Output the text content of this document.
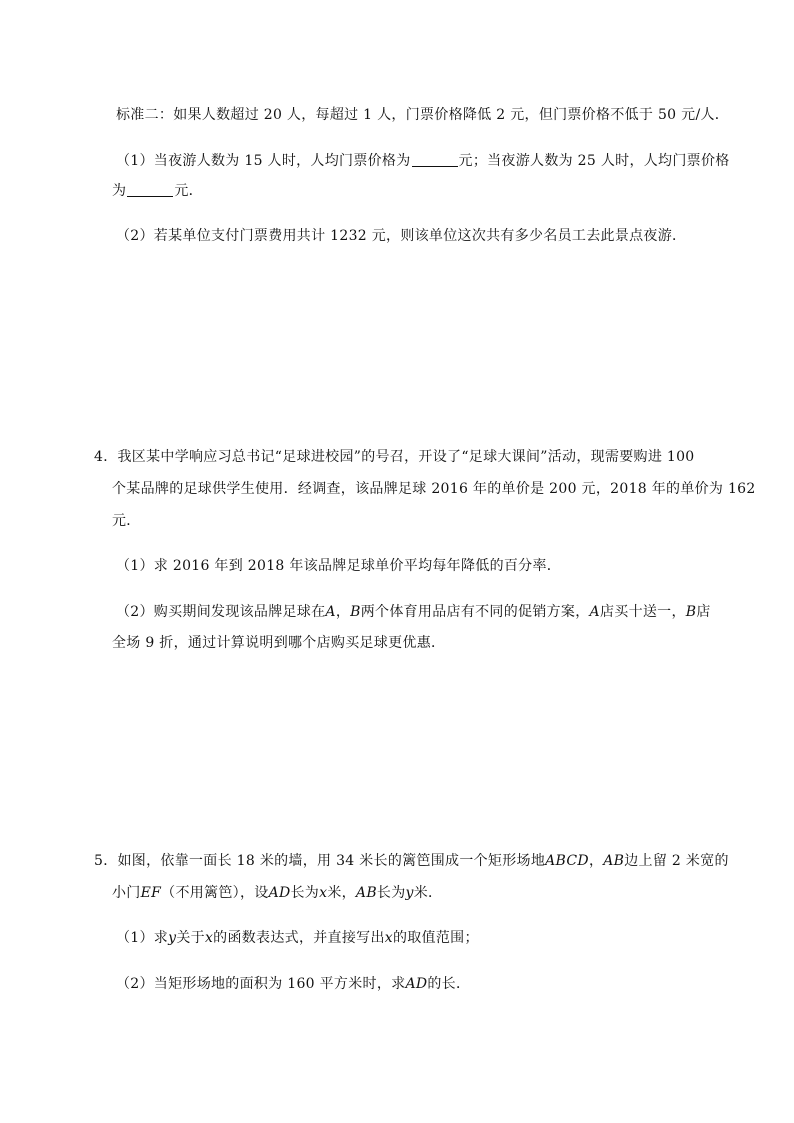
标准二：如果人数超过 20 人，每超过 1 人，门票价格降低 2 元，但门票价格不低于 50 元/人．
（1）当夜游人数为 15 人时，人均门票价格为	元；当夜游人数为 25 人时，人均门票价格
为	元．
（2）若某单位支付门票费用共计 1232 元，则该单位这次共有多少名员工去此景点夜游．
4．我区某中学响应习总书记“足球进校园”的号召，开设了“足球大课间”活动，现需要购进 100
个某品牌的足球供学生使用．经调查，该品牌足球 2016 年的单价是 200 元，2018 年的单价为 162
元．
（1）求 2016 年到 2018 年该品牌足球单价平均每年降低的百分率．
（2）购买期间发现该品牌足球在A，B两个体育用品店有不同的促销方案，A店买十送一，B店
全场 9 折，通过计算说明到哪个店购买足球更优惠．
5．如图，依靠一面长 18 米的墙，用 34 米长的篱笆围成一个矩形场地ABCD，AB边上留 2 米宽的
小门EF（不用篱笆），设AD长为x米，AB长为y米．
（1）求y关于x的函数表达式，并直接写出x的取值范围；
（2）当矩形场地的面积为 160 平方米时，求AD的长．
